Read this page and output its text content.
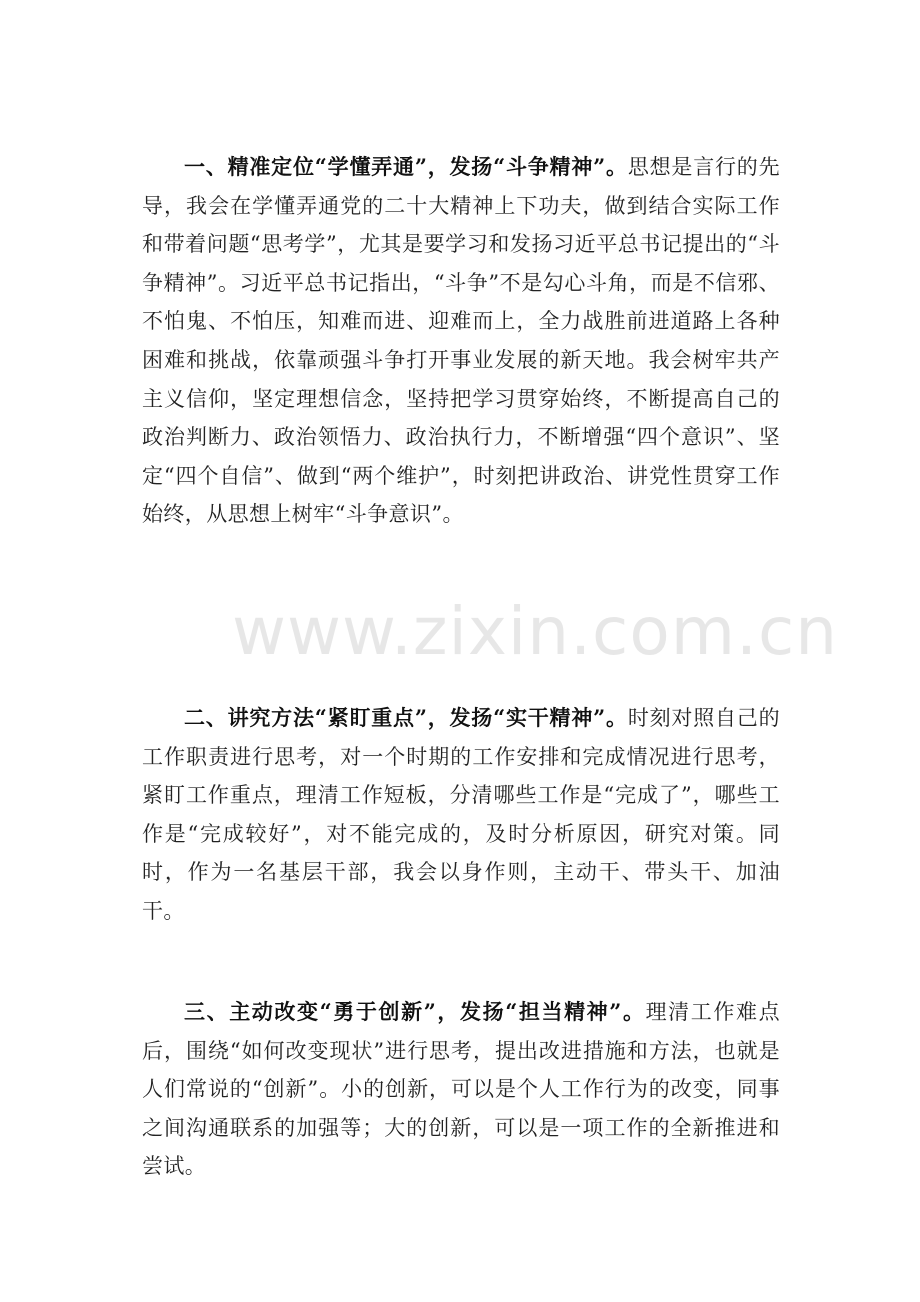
一、精准定位“学懂弄通”，发扬“斗争精神”。思想是言行的先导，我会在学懂弄通党的二十大精神上下功夫，做到结合实际工作和带着问题“思考学”，尤其是要学习和发扬习近平总书记提出的“斗争精神”。习近平总书记指出，“斗争”不是勾心斗角，而是不信邪、不怕鬼、不怕压，知难而进、迎难而上，全力战胜前进道路上各种困难和挑战，依靠顽强斗争打开事业发展的新天地。我会树牢共产主义信仰，坚定理想信念，坚持把学习贯穿始终，不断提高自己的政治判断力、政治领悟力、政治执行力，不断增强“四个意识”、坚定“四个自信”、做到“两个维护”，时刻把讲政治、讲党性贯穿工作始终，从思想上树牢“斗争意识”。

二、讲究方法“紧盯重点”，发扬“实干精神”。时刻对照自己的工作职责进行思考，对一个时期的工作安排和完成情况进行思考，紧盯工作重点，理清工作短板，分清哪些工作是“完成了”，哪些工作是“完成较好”，对不能完成的，及时分析原因，研究对策。同时，作为一名基层干部，我会以身作则，主动干、带头干、加油干。

三、主动改变“勇于创新”，发扬“担当精神”。理清工作难点后，围绕“如何改变现状”进行思考，提出改进措施和方法，也就是人们常说的“创新”。小的创新，可以是个人工作行为的改变，同事之间沟通联系的加强等；大的创新，可以是一项工作的全新推进和尝试。

www.zixin.com.cn
